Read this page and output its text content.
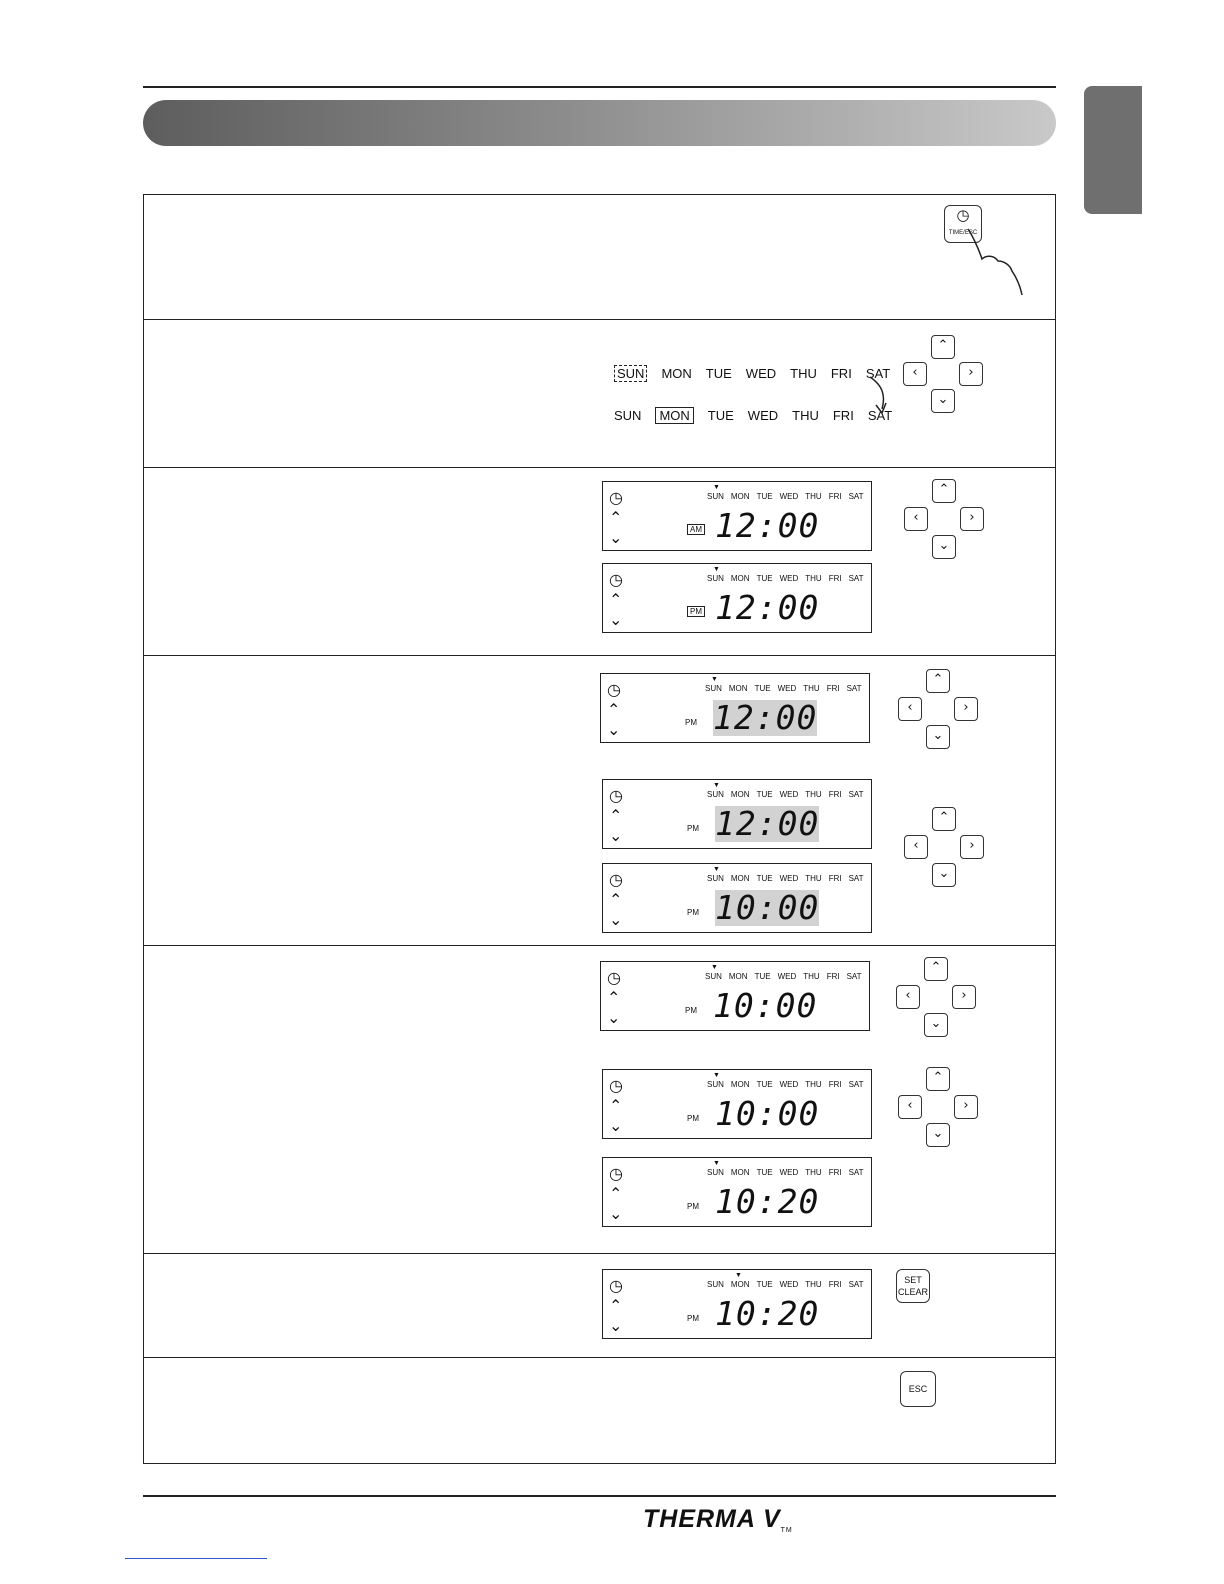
◷
TIME/ESC
SUN MON TUE WED THU FRI SAT
SUN MON TUE WED THU FRI SAT
⌃
‹	›
⌄
◷
⌃
⌄
▼
SUN MON TUE WED THU FRI SAT
AM 12:00
◷
⌃
⌄
▼
SUN MON TUE WED THU FRI SAT
PM 12:00
⌃
‹	›
⌄
◷
⌃
⌄
▼
SUN MON TUE WED THU FRI SAT
PM 12:00
◷
⌃
⌄
▼
SUN MON TUE WED THU FRI SAT
PM 12:00
◷
⌃
⌄
▼
SUN MON TUE WED THU FRI SAT
PM 10:00
⌃
‹	›
⌄
⌃
‹	›
⌄
◷
⌃
⌄
▼
SUN MON TUE WED THU FRI SAT
PM 10:00
◷
⌃
⌄
▼
SUN MON TUE WED THU FRI SAT
PM 10:00
◷
⌃
⌄
▼
SUN MON TUE WED THU FRI SAT
PM 10:20
⌃
‹	›
⌄
⌃
‹	›
⌄
◷
⌃
⌄
▼
SUN MON TUE WED THU FRI SAT
PM 10:20
SET
CLEAR
ESC
THERMA VTM
